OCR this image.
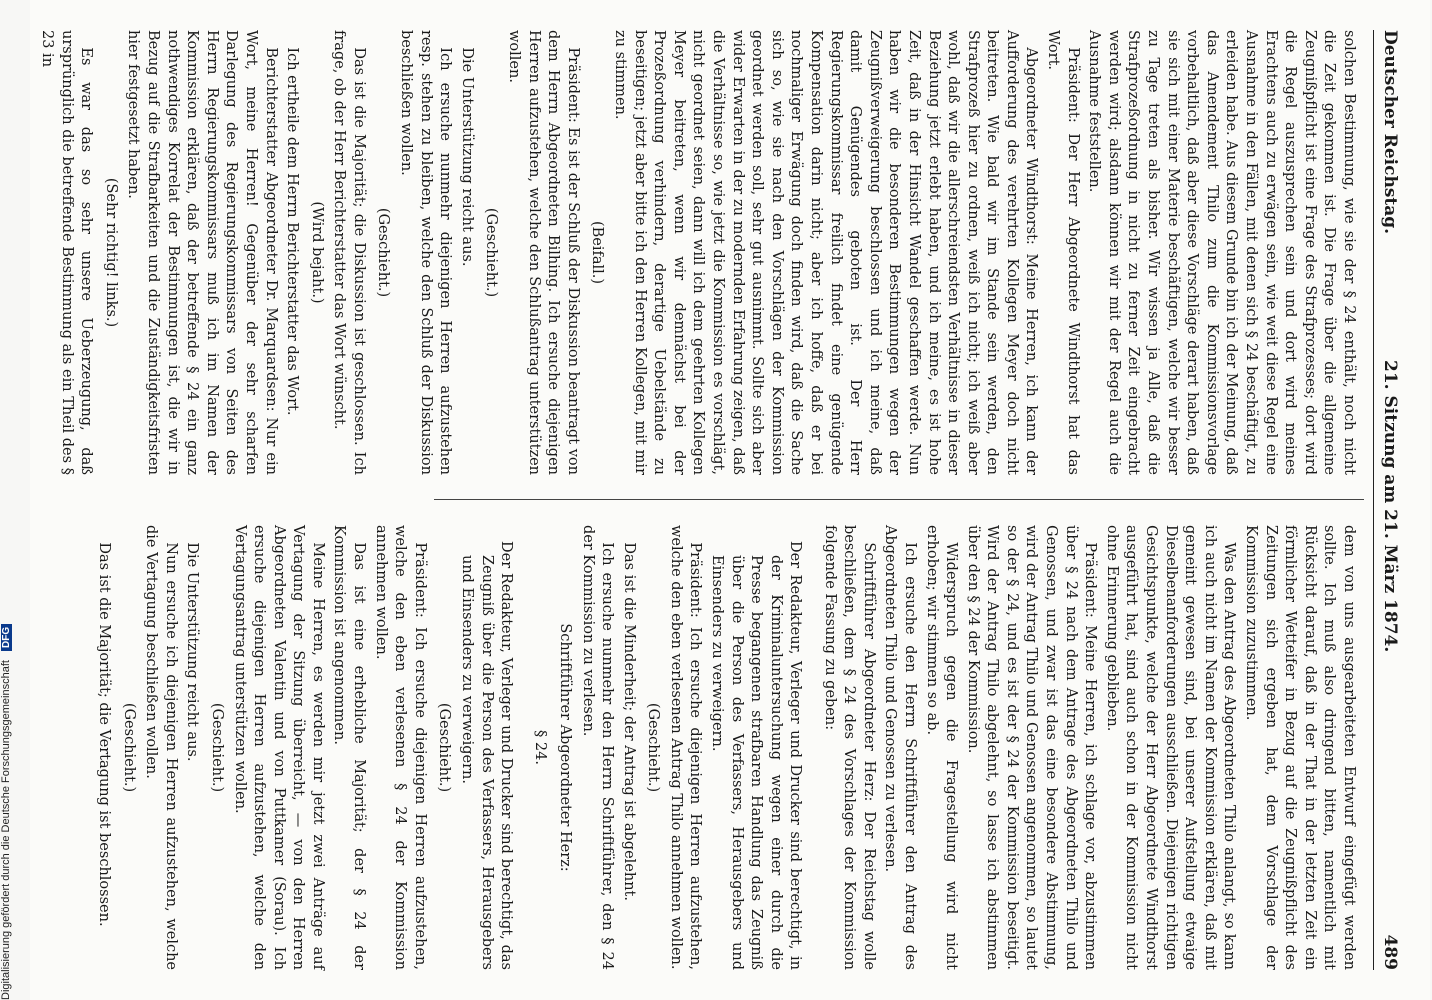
Deutscher Reichstag.
21. Sitzung am 21. März 1874.
489

solchen Bestimmung, wie sie der § 24 enthält, noch nicht die Zeit gekommen ist. Die Frage über die allgemeine Zeugnißpflicht ist eine Frage des Strafprozesses; dort wird die Regel auszusprechen sein und dort wird meines Erachtens auch zu erwägen sein, wie weit diese Regel eine Ausnahme in den Fällen, mit denen sich § 24 beschäftigt, zu erleiden habe. Aus diesem Grunde bin ich der Meinung, daß das Amendement Thilo zum die Kommissionsvorlage vorbehaltlich, daß aber diese Vorschläge derart haben, daß sie sich mit einer Materie beschäftigen, welche wir besser zu Tage treten als bisher. Wir wissen ja Alle, daß die Strafprozeßordnung in nicht zu ferner Zeit eingebracht werden wird; alsdann können wir mit der Regel auch die Ausnahme feststellen.

Präsident: Der Herr Abgeordnete Windthorst hat das Wort.

Abgeordneter Windthorst: Meine Herren, ich kann der Aufforderung des verehrten Kollegen Meyer doch nicht beitreten. Wie bald wir im Stande sein werden, den Strafprozeß hier zu ordnen, weiß ich nicht; ich weiß aber wohl, daß wir die allerschreiendsten Verhältnisse in dieser Beziehung jetzt erlebt haben, und ich meine, es ist hohe Zeit, daß in der Hinsicht Wandel geschaffen werde. Nun haben wir die besonderen Bestimmungen wegen der Zeugnißverweigerung beschlossen und ich meine, daß damit Genügendes geboten ist. Der Herr Regierungskommissar freilich findet eine genügende Kompensation darin nicht; aber ich hoffe, daß er bei nochmaliger Erwägung doch finden wird, daß die Sache sich so, wie sie nach den Vorschlägen der Kommission geordnet werden soll, sehr gut ausnimmt. Sollte sich aber wider Erwarten in der zu modernden Erfahrung zeigen, daß die Verhältnisse so, wie jetzt die Kommission es vorschlägt, nicht geordnet seien, dann will ich dem geehrten Kollegen Meyer beitreten, wenn wir demnächst bei der Prozeßordnung verhindern, derartige Uebelstände zu beseitigen; jetzt aber bitte ich den Herren Kollegen, mit mir zu stimmen.

(Beifall.)

Präsident: Es ist der Schluß der Diskussion beantragt von dem Herrn Abgeordneten Bilhing. Ich ersuche diejenigen Herren aufzustehen, welche den Schlußantrag unterstützen wollen.

(Geschieht.)

Die Unterstützung reicht aus.

Ich ersuche nunmehr diejenigen Herren aufzustehen resp. stehen zu bleiben, welche den Schluß der Diskussion beschließen wollen.

(Geschieht.)

Das ist die Majorität; die Diskussion ist geschlossen. Ich frage, ob der Herr Berichterstatter das Wort wünscht.

(Wird bejaht.)

Ich ertheile dem Herrn Berichterstatter das Wort.

Berichterstatter Abgeordneter Dr. Marquardsen: Nur ein Wort, meine Herren! Gegenüber der sehr scharfen Darlegung des Regierungskommissars von Seiten des Herrn Regierungskommissars muß ich im Namen der Kommission erklären, daß der betreffende § 24 ein ganz nothwendiges Korrelat der Bestimmungen ist, die wir in Bezug auf die Strafbarkeiten und die Zuständigkeitsfristen hier festgesetzt haben.

(Sehr richtig! links.)

Es war das so sehr unsere Ueberzeugung, daß ursprünglich die betreffende Bestimmung als ein Theil des § 23 in

dem von uns ausgearbeiteten Entwurf eingefügt werden sollte. Ich muß also dringend bitten, namentlich mit Rücksicht darauf, daß in der That in der letzten Zeit ein förmlicher Wetteifer in Bezug auf die Zeugnißpflicht des Zeitungen sich ergeben hat, dem Vorschlage der Kommission zuzustimmen.

Was den Antrag des Abgeordneten Thilo anlangt, so kann ich auch nicht im Namen der Kommission erklären, daß mit gemeint gewesen sind, bei unserer Aufstellung etwaige Dieselbenanforderungen ausschließen. Diejenigen richtigen Gesichtspunkte, welche der Herr Abgeordnete Windthorst ausgeführt hat, sind auch schon in der Kommission nicht ohne Erinnerung geblieben.

Präsident: Meine Herren, ich schlage vor, abzustimmen über § 24 nach dem Antrage des Abgeordneten Thilo und Genossen, und zwar ist das eine besondere Abstimmung, wird der Antrag Thilo und Genossen angenommen, so lautet so der § 24, und es ist der § 24 der Kommission beseitigt. Wird der Antrag Thilo abgelehnt, so lasse ich abstimmen über den § 24 der Kommission.

Widerspruch gegen die Fragestellung wird nicht erhoben; wir stimmen so ab.

Ich ersuche den Herrn Schriftführer den Antrag des Abgeordneten Thilo und Genossen zu verlesen.

Schriftführer Abgeordneter Herz: Der Reichstag wolle beschließen, dem § 24 des Vorschlages der Kommission folgende Fassung zu geben:

Der Redakteur, Verleger und Drucker sind berechtigt, in der Kriminaluntersuchung wegen einer durch die Presse begangenen strafbaren Handlung das Zeugniß über die Person des Verfassers, Herausgebers und Einsenders zu verweigern.

Präsident: Ich ersuche diejenigen Herren aufzustehen, welche den eben verlesenen Antrag Thilo annehmen wollen.

(Geschieht.)

Das ist die Minderheit; der Antrag ist abgelehnt.

Ich ersuche nunmehr den Herrn Schriftführer, den § 24 der Kommission zu verlesen.

Schriftführer Abgeordneter Herz:

§ 24.

Der Redakteur, Verleger und Drucker sind berechtigt, das Zeugniß über die Person des Verfassers, Herausgebers und Einsenders zu verweigern.

(Geschieht.)

Präsident: Ich ersuche diejenigen Herren aufzustehen, welche den eben verlesenen § 24 der Kommission annehmen wollen.

Das ist eine erhebliche Majorität; der § 24 der Kommission ist angenommen.

Meine Herren, es werden mir jetzt zwei Anträge auf Vertagung der Sitzung überreicht, — von den Herren Abgeordneten Valentin und von Puttkamer (Sorau). Ich ersuche diejenigen Herren aufzustehen, welche den Vertagungsantrag unterstützen wollen.

(Geschieht.)

Die Unterstützung reicht aus.

Nun ersuche ich diejenigen Herren aufzustehen, welche die Vertagung beschließen wollen.

(Geschieht.)

Das ist die Majorität; die Vertagung ist beschlossen.

Digitalisierung gefördert durch die Deutsche Forschungsgemeinschaft DFG
